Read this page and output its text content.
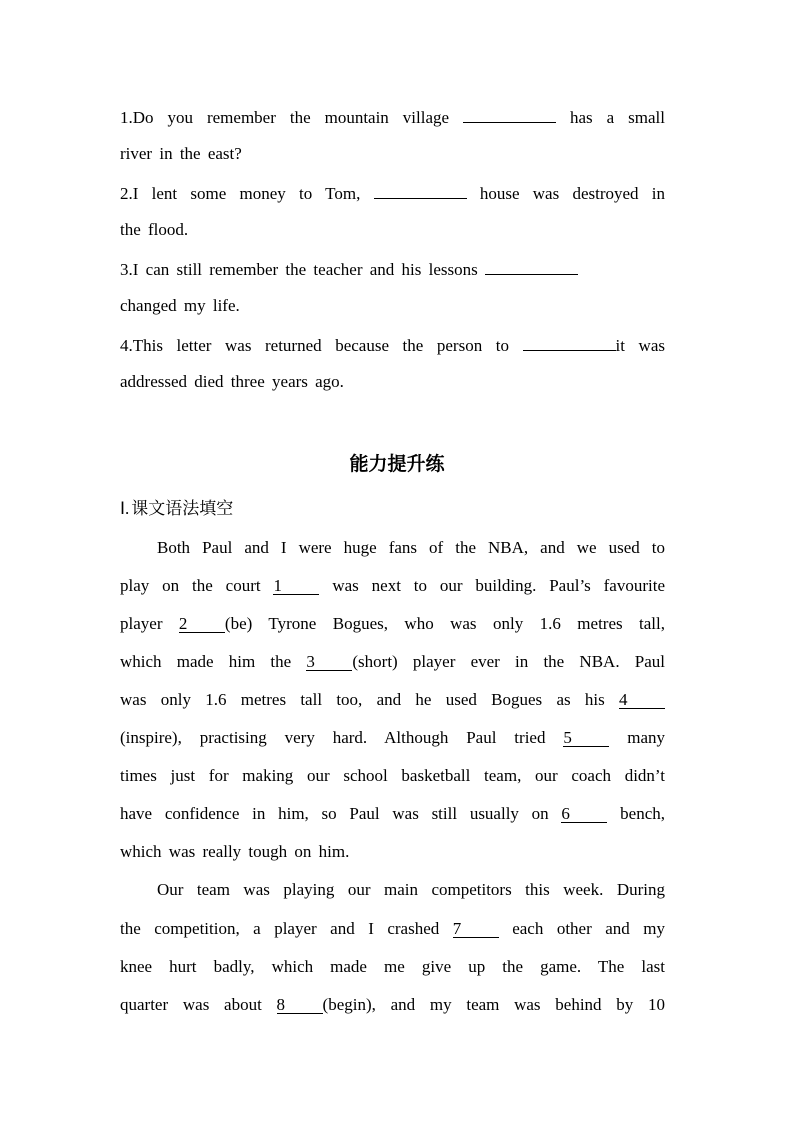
1.Do you remember the mountain village	has a small
river in the east?
2.I lent some money to Tom,	house was destroyed in
the flood.
3.I can still remember the teacher and his lessons
changed my life.
4.This letter was returned because the person to	it was
addressed died three years ago.
能力提升练
Ⅰ. 课文语法填空
Both Paul and I were huge fans of the NBA, and we used to
play on the court 1	was next to our building. Paul’s favourite
player 2 (be) Tyrone Bogues, who was only 1.6 metres tall,
which made him the 3 (short) player ever in the NBA. Paul
was only 1.6 metres tall too, and he used Bogues as his 4
(inspire), practising very hard. Although Paul tried 5	many
times just for making our school basketball team, our coach didn’t
have confidence in him, so Paul was still usually on 6	bench,
which was really tough on him.
Our team was playing our main competitors this week. During
the competition, a player and I crashed 7	each other and my
knee hurt badly, which made me give up the game. The last
quarter was about 8 (begin), and my team was behind by 10
